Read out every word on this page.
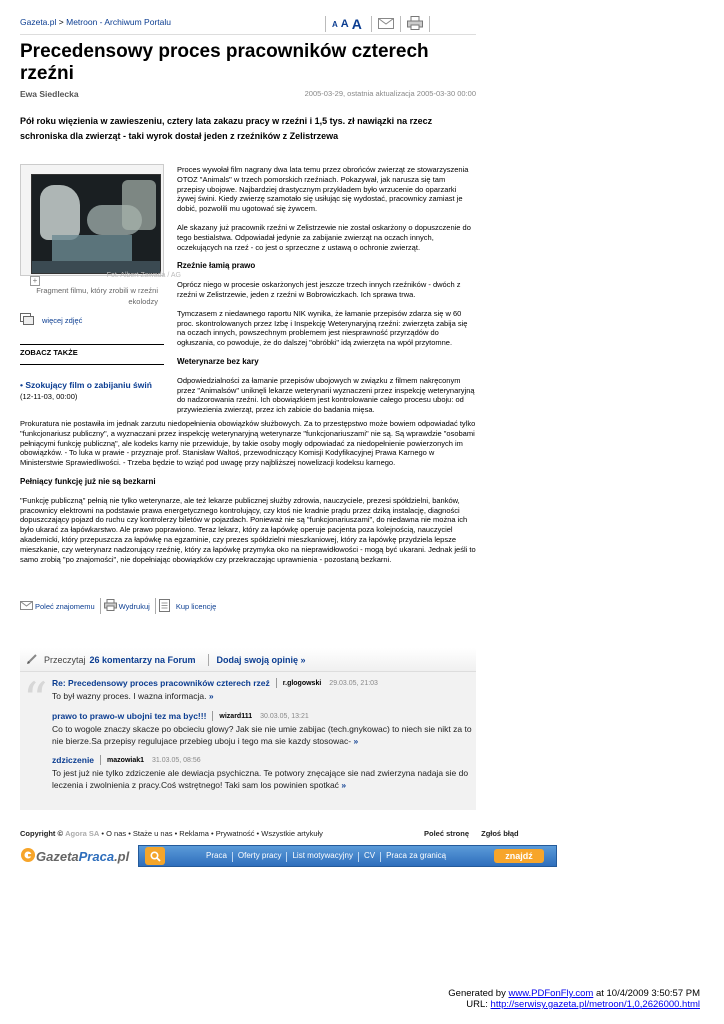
Gazeta.pl > Metroon - Archiwum Portalu	A A A
Precedensowy proces pracowników czterech rzeźni
Ewa Siedlecka	2005-03-29, ostatnia aktualizacja 2005-03-30 00:00
Pół roku więzienia w zawieszeniu, cztery lata zakazu pracy w rzeźni i 1,5 tys. zł nawiązki na rzecz schroniska dla zwierząt - taki wyrok dostał jeden z rzeźników z Zelistrzewa
+
Fot. Albert Zawada / AG
Fragment filmu, który zrobili w rzeźni ekolodzy
więcej zdjęć
ZOBACZ TAKŻE
• Szokujący film o zabijaniu świń (12-11-03, 00:00)

Proces wywołał film nagrany dwa lata temu przez obrońców zwierząt ze stowarzyszenia OTOZ "Animals" w trzech pomorskich rzeźniach. Pokazywał, jak narusza się tam przepisy ubojowe. Najbardziej drastycznym przykładem było wrzucenie do oparzarki żywej świni. Kiedy zwierzę szamotało się usiłując się wydostać, pracownicy zamiast je dobić, pozwolili mu ugotować się żywcem.

Ale skazany już pracownik rzeźni w Zelistrzewie nie został oskarżony o dopuszczenie do tego bestialstwa. Odpowiadał jedynie za zabijanie zwierząt na oczach innych, oczekujących na rzeź - co jest o sprzeczne z ustawą o ochronie zwierząt.

Rzeźnie łamią prawo

Oprócz niego w procesie oskarżonych jest jeszcze trzech innych rzeźników - dwóch z rzeźni w Zelistrzewie, jeden z rzeźni w Bobrowiczkach. Ich sprawa trwa.

Tymczasem z niedawnego raportu NIK wynika, że łamanie przepisów zdarza się w 60 proc. skontrolowanych przez Izbę i Inspekcję Weterynaryjną rzeźni: zwierzęta zabija się na oczach innych, powszechnym problemem jest niesprawność przyrządów do ogłuszania, co powoduje, że do dalszej "obróbki" idą zwierzęta na wpół przytomne.

Weterynarze bez kary

Odpowiedzialności za łamanie przepisów ubojowych w związku z filmem nakręconym przez "Animalsów" uniknęli lekarze weterynarii wyznaczeni przez inspekcję weterynaryjną do nadzorowania rzeźni. Ich obowiązkiem jest kontrolowanie całego procesu uboju: od przywiezienia zwierząt, przez ich zabicie do badania mięsa.

Prokuratura nie postawiła im jednak zarzutu niedopełnienia obowiązków służbowych. Za to przestępstwo może bowiem odpowiadać tylko "funkcjonariusz publiczny", a wyznaczani przez inspekcję weterynaryjną weterynarze "funkcjonariuszami" nie są. Są wprawdzie "osobami pełniącymi funkcję publiczną", ale kodeks karny nie przewiduje, by takie osoby mogły odpowiadać za niedopełnienie powierzonych im obowiązków. - To luka w prawie - przyznaje prof. Stanisław Waltoś, przewodniczący Komisji Kodyfikacyjnej Prawa Karnego w Ministerstwie Sprawiedliwości. - Trzeba będzie to wziąć pod uwagę przy najbliższej nowelizacji kodeksu karnego.

Pełniący funkcję już nie są bezkarni

"Funkcję publiczną" pełnią nie tylko weterynarze, ale też lekarze publicznej służby zdrowia, nauczyciele, prezesi spółdzielni, banków, pracownicy elektrowni na podstawie prawa energetycznego kontrolujący, czy ktoś nie kradnie prądu przez dziką instalację, diagności dopuszczający pojazd do ruchu czy kontrolerzy biletów w pojazdach. Ponieważ nie są "funkcjonariuszami", do niedawna nie można ich było ukarać za łapówkarstwo. Ale prawo poprawiono. Teraz lekarz, który za łapówkę operuje pacjenta poza kolejnością, nauczyciel akademicki, który przepuszcza za łapówkę na egzaminie, czy prezes spółdzielni mieszkaniowej, który za łapówkę przydziela lepsze mieszkanie, czy weterynarz nadzorujący rzeźnię, który za łapówkę przymyka oko na nieprawidłowości - mogą być ukarani. Jednak jeśli to samo zrobią "po znajomości", nie dopełniając obowiązków czy przekraczając uprawnienia - pozostaną bezkarni.

Poleć znajomemu	Wydrukuj	Kup licencję
Przeczytaj 26 komentarzy na Forum Dodaj swoją opinię »
“ Re: Precedensowy proces pracowników czterech rzeź r.glogowski 29.03.05, 21:03
To był wazny proces. I wazna informacja. »
prawo to prawo-w ubojni tez ma byc!!! wizard111 30.03.05, 13:21
Co to wogole znaczy skacze po obcieciu glowy? Jak sie nie umie zabijac (tech.gnykowac) to niech sie nikt za to nie bierze.Sa przepisy regulujace przebieg uboju i tego ma sie kazdy stosowac- »
zdziczenie mazowiak1 31.03.05, 08:56
To jest już nie tylko zdziczenie ale dewiacja psychiczna. Te potwory znęcające sie nad zwierzyna nadaja sie do leczenia i zwolnienia z pracy.Coś wstrętnego! Taki sam los powinien spotkać »
Copyright © Agora SA • O nas • Staże u nas • Reklama • Prywatność • Wszystkie artykuły	Poleć stronę Zgłoś błąd
Gazeta Praca .pl	Praca	Oferty pracy	List motywacyjny	CV	Praca za granicą	znajdź
Generated by www.PDFonFly.com at 10/4/2009 3:50:57 PM
URL: http://serwisy.gazeta.pl/metroon/1,0,2626000.html
